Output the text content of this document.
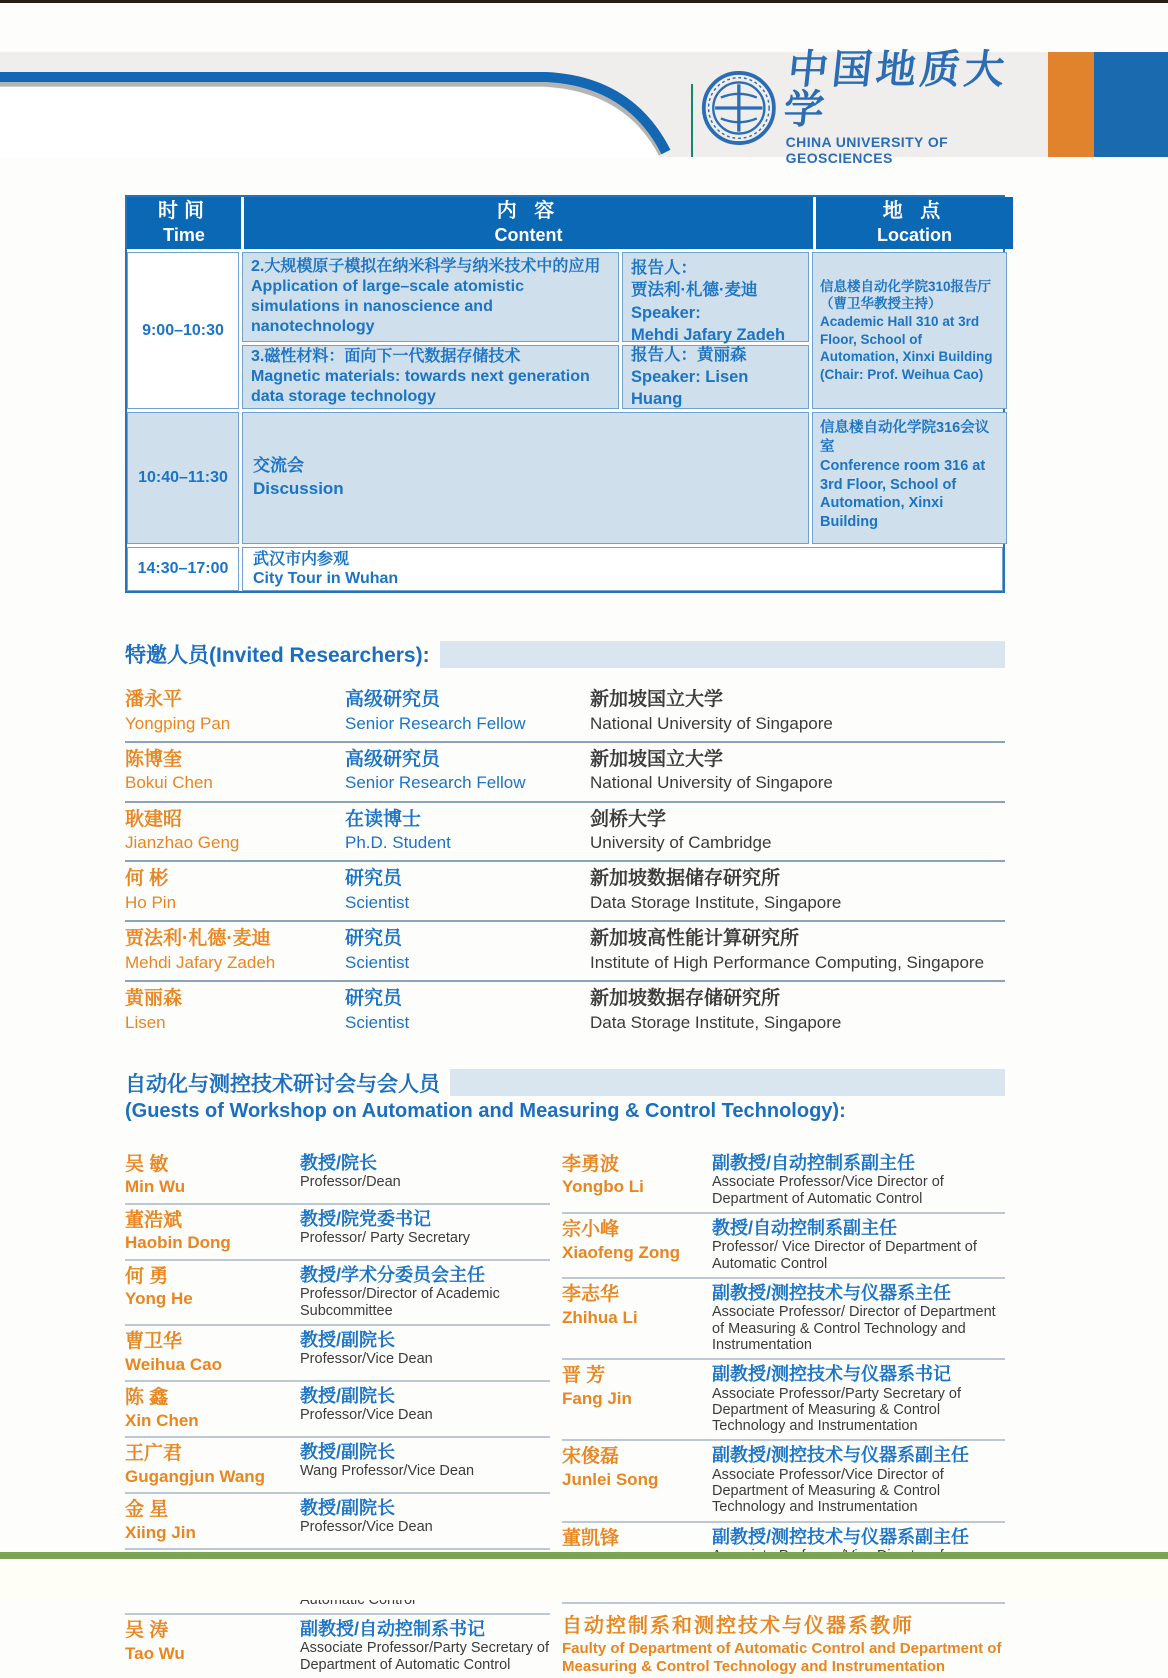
中国地质大学
CHINA UNIVERSITY OF GEOSCIENCES
时间
Time
内 容
Content
地 点
Location
9:00–10:30
2.大规模原子模拟在纳米科学与纳米技术中的应用
Application of large–scale atomistic simulations in nanoscience and nanotechnology
报告人：
贾法利·札德·麦迪
Speaker:
Mehdi Jafary Zadeh
3.磁性材料：面向下一代数据存储技术
Magnetic materials: towards next generation data storage technology
报告人：黄丽森
Speaker: Lisen Huang
信息楼自动化学院310报告厅
（曹卫华教授主持）
Academic Hall 310 at 3rd Floor, School of Automation, Xinxi Building
(Chair: Prof. Weihua Cao)
10:40–11:30
交流会
Discussion
信息楼自动化学院316会议室
Conference room 316 at 3rd Floor, School of Automation, Xinxi Building
14:30–17:00
武汉市内参观
City Tour in Wuhan
特邀人员(Invited Researchers):
潘永平
Yongping Pan
高级研究员
Senior Research Fellow
新加坡国立大学
National University of Singapore
陈博奎
Bokui Chen
高级研究员
Senior Research Fellow
新加坡国立大学
National University of Singapore
耿建昭
Jianzhao Geng
在读博士
Ph.D. Student
剑桥大学
University of Cambridge
何 彬
Ho Pin
研究员
Scientist
新加坡数据储存研究所
Data Storage Institute, Singapore
贾法利·札德·麦迪
Mehdi Jafary Zadeh
研究员
Scientist
新加坡高性能计算研究所
Institute of High Performance Computing, Singapore
黄丽森
Lisen
研究员
Scientist
新加坡数据存储研究所
Data Storage Institute, Singapore
自动化与测控技术研讨会与会人员
(Guests of Workshop on Automation and Measuring & Control Technology):
吴 敏
Min Wu
教授/院长
Professor/Dean
董浩斌
Haobin Dong
教授/院党委书记
Professor/ Party Secretary
何 勇
Yong He
教授/学术分委员会主任
Professor/Director of Academic Subcommittee
曹卫华
Weihua Cao
教授/副院长
Professor/Vice Dean
陈 鑫
Xin Chen
教授/副院长
Professor/Vice Dean
王广君
Gugangjun Wang
教授/副院长
Wang Professor/Vice Dean
金 星
Xiing Jin
教授/副院长
Professor/Vice Dean
吴 涛
Tao Wu
副教授/自动控制系书记
Associate Professor/Party Secretary of Department of Automatic Control
李勇波
Yongbo Li
副教授/自动控制系副主任
Associate Professor/Vice Director of Department of Automatic Control
宗小峰
Xiaofeng Zong
教授/自动控制系副主任
Professor/ Vice Director of Department of Automatic Control
李志华
Zhihua Li
副教授/测控技术与仪器系主任
Associate Professor/ Director of Department of Measuring & Control Technology and Instrumentation
晋 芳
Fang Jin
副教授/测控技术与仪器系书记
Associate Professor/Party Secretary of Department of Measuring & Control Technology and Instrumentation
宋俊磊
Junlei Song
副教授/测控技术与仪器系副主任
Associate Professor/Vice Director of Department of Measuring & Control Technology and Instrumentation
董凯锋	副教授/测控技术与仪器系副主任
自动控制系和测控技术与仪器系教师
Faulty of Department of Automatic Control and Department of Measuring & Control Technology and Instrumentation
